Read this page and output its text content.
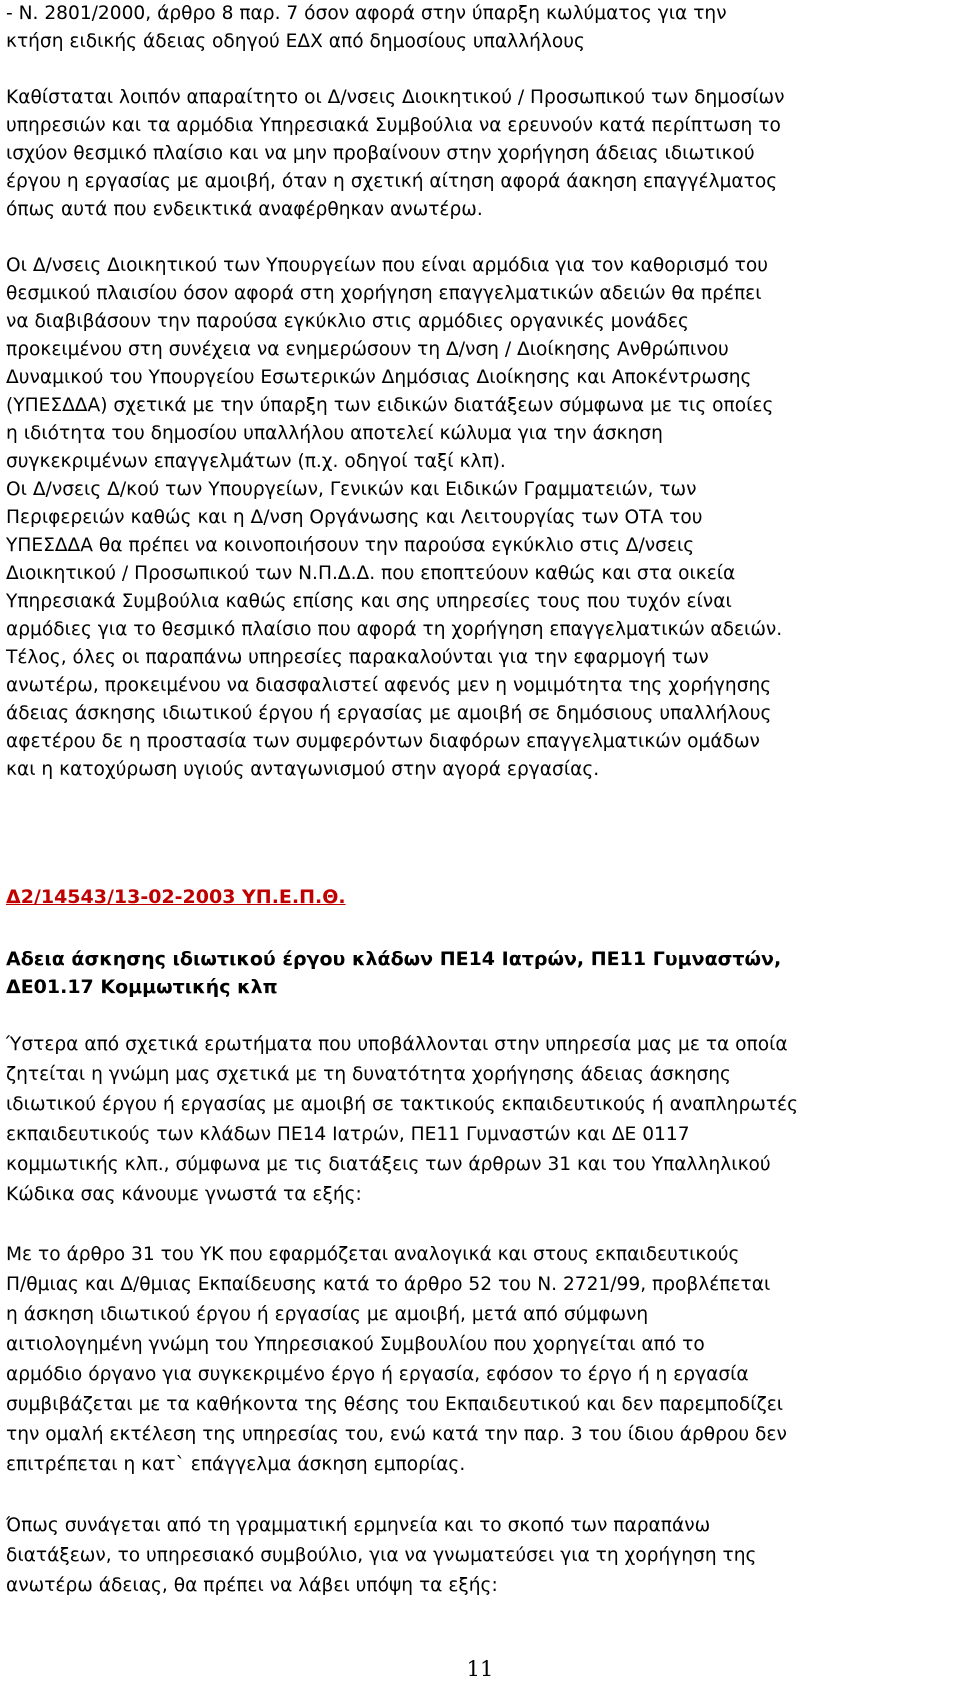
- Ν. 2801/2000, άρθρο 8 παρ. 7 όσον αφορά στην ύπαρξη κωλύματος για την
κτήση ειδικής άδειας οδηγού ΕΔΧ από δημοσίους υπαλλήλους
Καθίσταται λοιπόν απαραίτητο οι Δ/νσεις Διοικητικού / Προσωπικού των δημοσίων
υπηρεσιών και τα αρμόδια Υπηρεσιακά Συμβούλια να ερευνούν κατά περίπτωση το
ισχύον θεσμικό πλαίσιο και να μην προβαίνουν στην χορήγηση άδειας ιδιωτικού
έργου η εργασίας με αμοιβή, όταν η σχετική αίτηση αφορά άακηση επαγγέλματος
όπως αυτά που ενδεικτικά αναφέρθηκαν ανωτέρω.
Οι Δ/νσεις Διοικητικού των Υπουργείων που είναι αρμόδια για τον καθορισμό του
θεσμικού πλαισίου όσον αφορά στη χορήγηση επαγγελματικών αδειών θα πρέπει
να διαβιβάσουν την παρούσα εγκύκλιο στις αρμόδιες οργανικές μονάδες
προκειμένου στη συνέχεια να ενημερώσουν τη Δ/νση / Διοίκησης Ανθρώπινου
Δυναμικού του Υπουργείου Εσωτερικών Δημόσιας Διοίκησης και Αποκέντρωσης
(ΥΠΕΣΔΔΑ) σχετικά με την ύπαρξη των ειδικών διατάξεων σύμφωνα με τις οποίες
η ιδιότητα του δημοσίου υπαλλήλου αποτελεί κώλυμα για την άσκηση
συγκεκριμένων επαγγελμάτων (π.χ. οδηγοί ταξί κλπ).
Οι Δ/νσεις Δ/κού των Υπουργείων, Γενικών και Ειδικών Γραμματειών, των
Περιφερειών καθώς και η Δ/νση Οργάνωσης και Λειτουργίας των ΟΤΑ του
ΥΠΕΣΔΔΑ θα πρέπει να κοινοποιήσουν την παρούσα εγκύκλιο στις Δ/νσεις
Διοικητικού / Προσωπικού των Ν.Π.Δ.Δ. που εποπτεύουν καθώς και στα οικεία
Υπηρεσιακά Συμβούλια καθώς επίσης και σης υπηρεσίες τους που τυχόν είναι
αρμόδιες για το θεσμικό πλαίσιο που αφορά τη χορήγηση επαγγελματικών αδειών.
Τέλος, όλες οι παραπάνω υπηρεσίες παρακαλούνται για την εφαρμογή των
ανωτέρω, προκειμένου να διασφαλιστεί αφενός μεν η νομιμότητα της χορήγησης
άδειας άσκησης ιδιωτικού έργου ή εργασίας με αμοιβή σε δημόσιους υπαλλήλους
αφετέρου δε η προστασία των συμφερόντων διαφόρων επαγγελματικών ομάδων
και η κατοχύρωση υγιούς ανταγωνισμού στην αγορά εργασίας.
Δ2/14543/13-02-2003 ΥΠ.Ε.Π.Θ.
Αδεια άσκησης ιδιωτικού έργου κλάδων ΠΕ14 Ιατρών, ΠΕ11 Γυμναστών,
ΔΕ01.17 Κομμωτικής κλπ
Ύστερα από σχετικά ερωτήματα που υποβάλλονται στην υπηρεσία μας με τα οποία
ζητείται η γνώμη μας σχετικά με τη δυνατότητα χορήγησης άδειας άσκησης
ιδιωτικού έργου ή εργασίας με αμοιβή σε τακτικούς εκπαιδευτικούς ή αναπληρωτές
εκπαιδευτικούς των κλάδων ΠΕ14 Ιατρών, ΠΕ11 Γυμναστών και ΔΕ 0117
κομμωτικής κλπ., σύμφωνα με τις διατάξεις των άρθρων 31 και του Υπαλληλικού
Κώδικα σας κάνουμε γνωστά τα εξής:
Με το άρθρο 31 του ΥΚ που εφαρμόζεται αναλογικά και στους εκπαιδευτικούς
Π/θμιας και Δ/θμιας Εκπαίδευσης κατά το άρθρο 52 του Ν. 2721/99, προβλέπεται
η άσκηση ιδιωτικού έργου ή εργασίας με αμοιβή, μετά από σύμφωνη
αιτιολογημένη γνώμη του Υπηρεσιακού Συμβουλίου που χορηγείται από το
αρμόδιο όργανο για συγκεκριμένο έργο ή εργασία, εφόσον το έργο ή η εργασία
συμβιβάζεται με τα καθήκοντα της θέσης του Εκπαιδευτικού και δεν παρεμποδίζει
την ομαλή εκτέλεση της υπηρεσίας του, ενώ κατά την παρ. 3 του ίδιου άρθρου δεν
επιτρέπεται η κατ` επάγγελμα άσκηση εμπορίας.
Όπως συνάγεται από τη γραμματική ερμηνεία και το σκοπό των παραπάνω
διατάξεων, το υπηρεσιακό συμβούλιο, για να γνωματεύσει για τη χορήγηση της
ανωτέρω άδειας, θα πρέπει να λάβει υπόψη τα εξής:
11
